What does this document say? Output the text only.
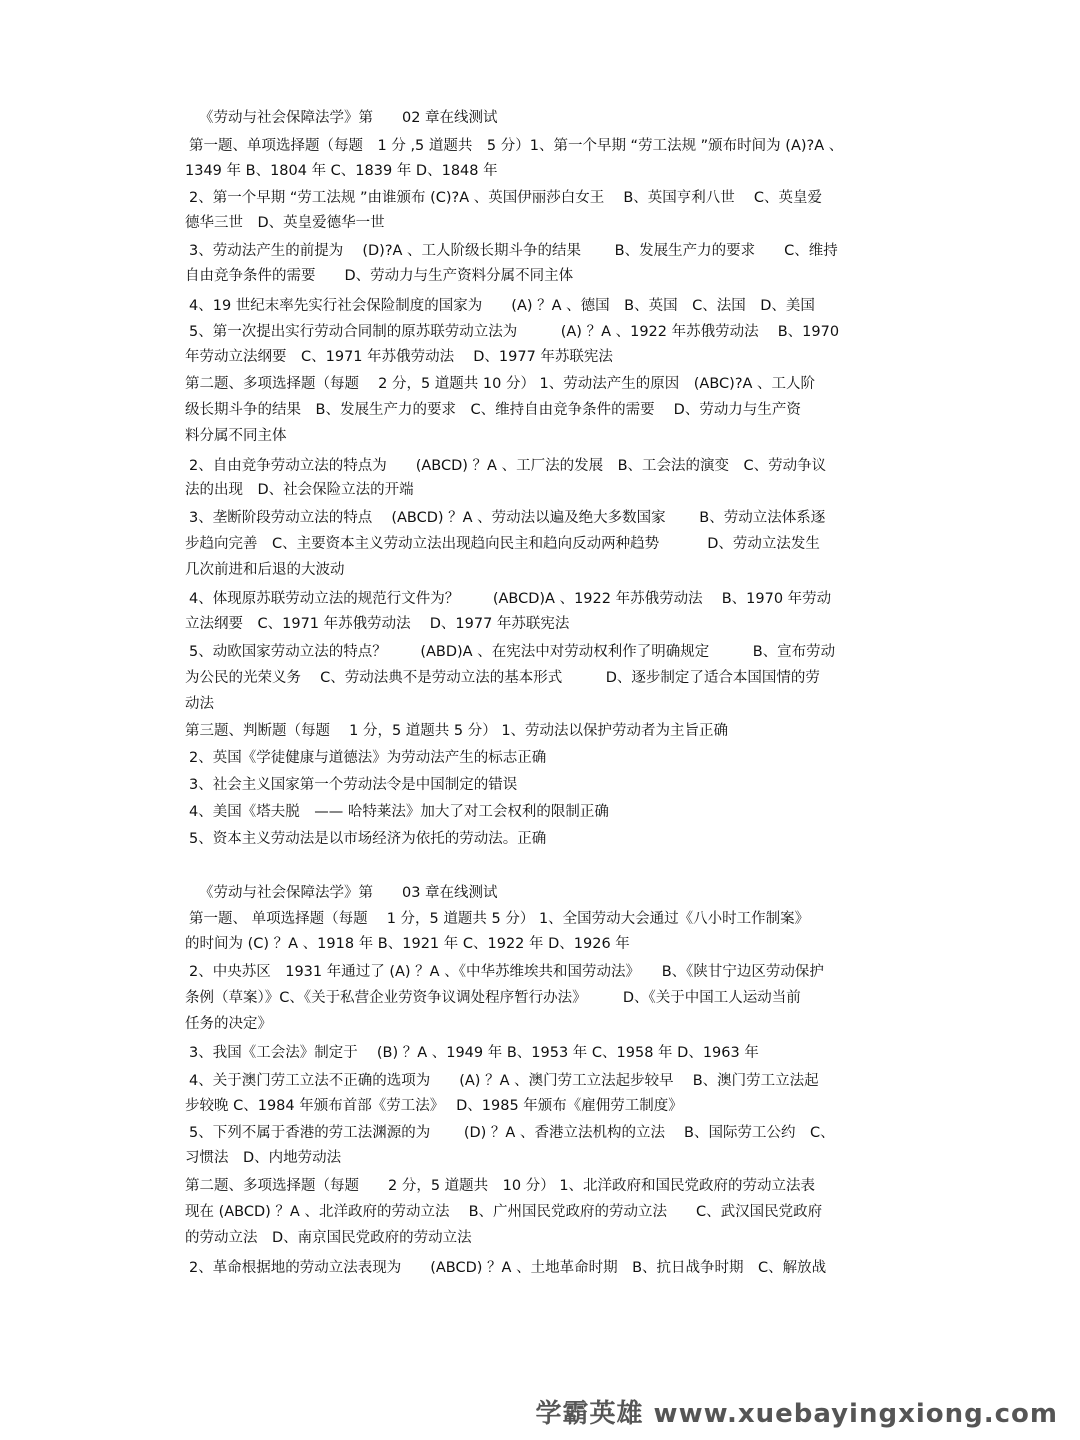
《劳动与社会保障法学》第　　02 章在线测试
第一题、单项选择题（每题　1 分 ,5 道题共　5 分）1、第一个早期 “劳工法规 ”颁布时间为 (A)?A 、
1349 年 B、1804 年 C、1839 年 D、1848 年
2、第一个早期 “劳工法规 ”由谁颁布 (C)?A 、英国伊丽莎白女王　 B、英国亨利八世　 C、英皇爱
德华三世　D、英皇爱德华一世
3、劳动法产生的前提为　 (D)?A 、工人阶级长期斗争的结果　　 B、发展生产力的要求　　C、维持
自由竞争条件的需要　　D、劳动力与生产资料分属不同主体
4、19 世纪末率先实行社会保险制度的国家为　　(A) ？A 、德国　B、英国　C、法国　D、美国
5、第一次提出实行劳动合同制的原苏联劳动立法为　　　(A) ？A 、1922 年苏俄劳动法　 B、1970
年劳动立法纲要　C、1971 年苏俄劳动法　 D、1977 年苏联宪法
第二题、多项选择题（每题　 2 分，5 道题共 10 分） 1、劳动法产生的原因　(ABC)?A 、工人阶
级长期斗争的结果　B、发展生产力的要求　C、维持自由竞争条件的需要　 D、劳动力与生产资
料分属不同主体
2、自由竞争劳动立法的特点为　　(ABCD) ？A 、工厂法的发展　B、工会法的演变　C、劳动争议
法的出现　D、社会保险立法的开端
3、垄断阶段劳动立法的特点　 (ABCD) ？A 、劳动法以遍及绝大多数国家　　 B、劳动立法体系逐
步趋向完善　C、主要资本主义劳动立法出现趋向民主和趋向反动两种趋势　　　 D、劳动立法发生
几次前进和后退的大波动
4、体现原苏联劳动立法的规范行文件为？　　 (ABCD)A 、1922 年苏俄劳动法　 B、1970 年劳动
立法纲要　C、1971 年苏俄劳动法　 D、1977 年苏联宪法
5、动欧国家劳动立法的特点？　　 (ABD)A 、在宪法中对劳动权利作了明确规定　　　B、宣布劳动
为公民的光荣义务　 C、劳动法典不是劳动立法的基本形式　　　D、逐步制定了适合本国国情的劳
动法
第三题、判断题（每题　 1 分，5 道题共 5 分） 1、劳动法以保护劳动者为主旨正确
2、英国《学徒健康与道德法》为劳动法产生的标志正确
3、社会主义国家第一个劳动法令是中国制定的错误
4、美国《塔夫脱　—— 哈特莱法》加大了对工会权利的限制正确
5、资本主义劳动法是以市场经济为依托的劳动法。正确
《劳动与社会保障法学》第　　03 章在线测试
第一题、 单项选择题（每题　 1 分，5 道题共 5 分） 1、全国劳动大会通过《八小时工作制案》
的时间为 (C) ？A 、1918 年 B、1921 年 C、1922 年 D、1926 年
2、中央苏区　1931 年通过了 (A) ？A 、《中华苏维埃共和国劳动法》　　B、《陕甘宁边区劳动保护
条例（草案）》C、《关于私营企业劳资争议调处程序暂行办法》　　　D、《关于中国工人运动当前
任务的决定》
3、我国《工会法》制定于　 (B) ？A 、1949 年 B、1953 年 C、1958 年 D、1963 年
4、关于澳门劳工立法不正确的选项为　　(A) ？A 、澳门劳工立法起步较早　 B、澳门劳工立法起
步较晚 C、1984 年颁布首部《劳工法》　 D、1985 年颁布《雇佣劳工制度》
5、下列不属于香港的劳工法渊源的为　　 (D) ？A 、香港立法机构的立法　 B、国际劳工公约　C、
习惯法　D、内地劳动法
第二题、多项选择题（每题　　2 分，5 道题共　10 分） 1、北洋政府和国民党政府的劳动立法表
现在 (ABCD) ？A 、北洋政府的劳动立法　 B、广州国民党政府的劳动立法　　C、武汉国民党政府
的劳动立法　D、南京国民党政府的劳动立法
2、革命根据地的劳动立法表现为　　(ABCD) ？A 、土地革命时期　B、抗日战争时期　C、解放战
学霸英雄 www.xuebayingxiong.com
